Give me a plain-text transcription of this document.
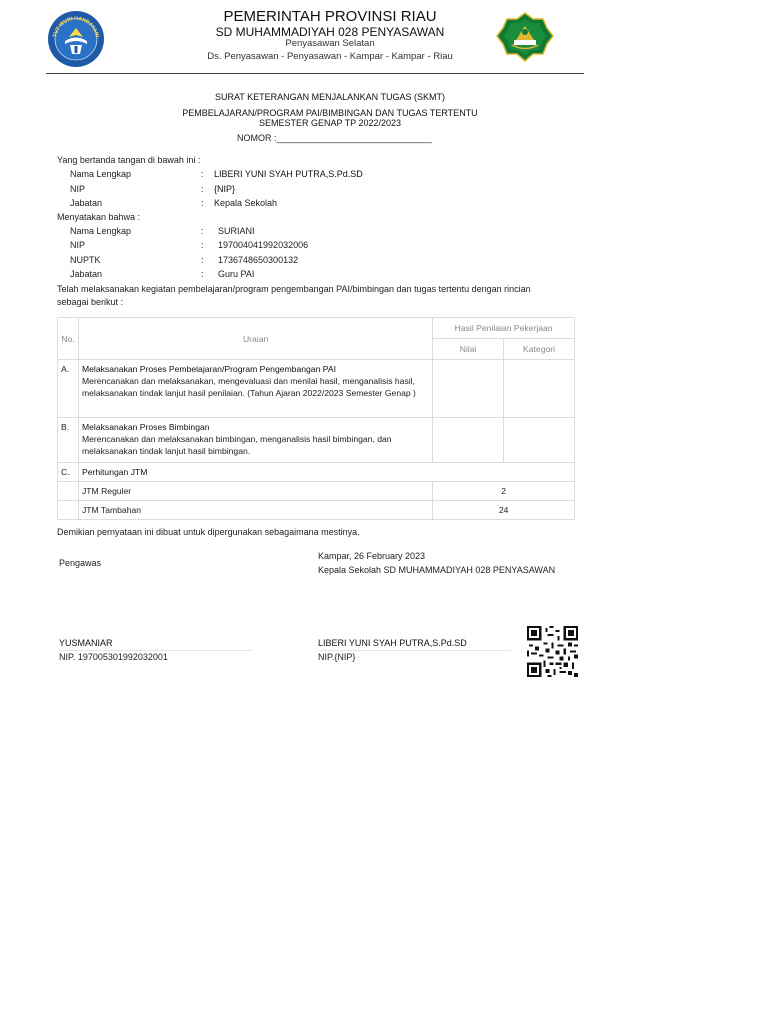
TUT WURI HANDAYANI
PEMERINTAH PROVINSI RIAU
SD MUHAMMADIYAH 028 PENYASAWAN
Penyasawan Selatan
Ds. Penyasawan - Penyasawan - Kampar - Kampar - Riau
SURAT KETERANGAN MENJALANKAN TUGAS (SKMT)
PEMBELAJARAN/PROGRAM PAI/BIMBINGAN DAN TUGAS TERTENTU
SEMESTER GENAP TP 2022/2023
NOMOR :_______________________________
Yang bertanda tangan di bawah ini :
Nama Lengkap	: LIBERI YUNI SYAH PUTRA,S.Pd.SD
NIP	: {NIP}
Jabatan	: Kepala Sekolah
Menyatakan bahwa :
Nama Lengkap	: SURIANI
NIP	: 197004041992032006
NUPTK	: 1736748650300132
Jabatan	: Guru PAI
Telah melaksanakan kegiatan pembelajaran/program pengembangan PAI/bimbingan dan tugas tertentu dengan rincian sebagai berikut :
No.	Uraian	Hasil Penilaian Pekerjaan	
		Nilai	Kategori
A.	Melaksanakan Proses Pembelajaran/Program Pengembangan PAI
Merencanakan dan melaksanakan, mengevaluasi dan menilai hasil, menganalisis hasil, melaksanakan tindak lanjut hasil penilaian. (Tahun Ajaran 2022/2023 Semester Genap )		

B.	Melaksanakan Proses Bimbingan
Merencanakan dan melaksanakan bimbingan, menganalisis hasil bimbingan, dan melaksanakan tindak lanjut hasil bimbingan.		

C.	Perhitungan JTM		
	JTM Reguler	2	
	JTM Tambahan	24	
Demikian pernyataan ini dibuat untuk dipergunakan sebagaimana mestinya.
Pengawas
Kampar, 26 February 2023
Kepala Sekolah SD MUHAMMADIYAH 028 PENYASAWAN
YUSMANIAR
NIP. 197005301992032001
LIBERI YUNI SYAH PUTRA,S.Pd.SD
NIP.{NIP}
